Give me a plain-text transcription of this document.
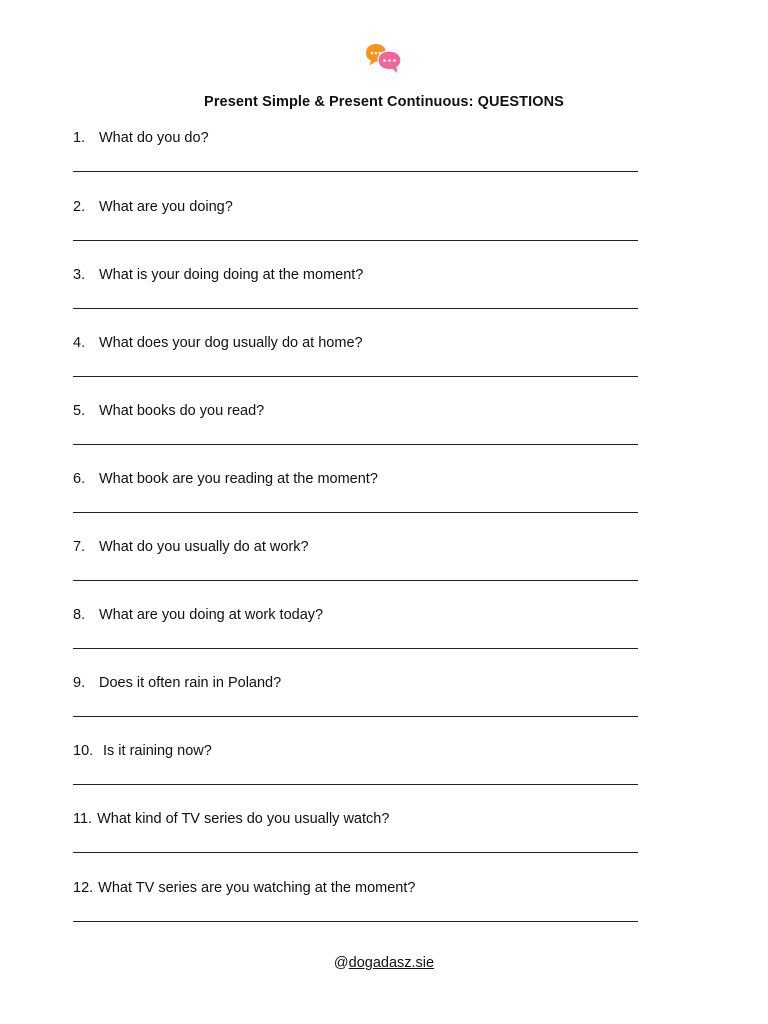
Present Simple & Present Continuous: QUESTIONS
1. What do you do?
2. What are you doing?
3. What is your doing doing at the moment?
4. What does your dog usually do at home?
5. What books do you read?
6. What book are you reading at the moment?
7. What do you usually do at work?
8. What are you doing at work today?
9. Does it often rain in Poland?
10. Is it raining now?
11. What kind of TV series do you usually watch?
12. What TV series are you watching at the moment?
@dogadasz.sie
